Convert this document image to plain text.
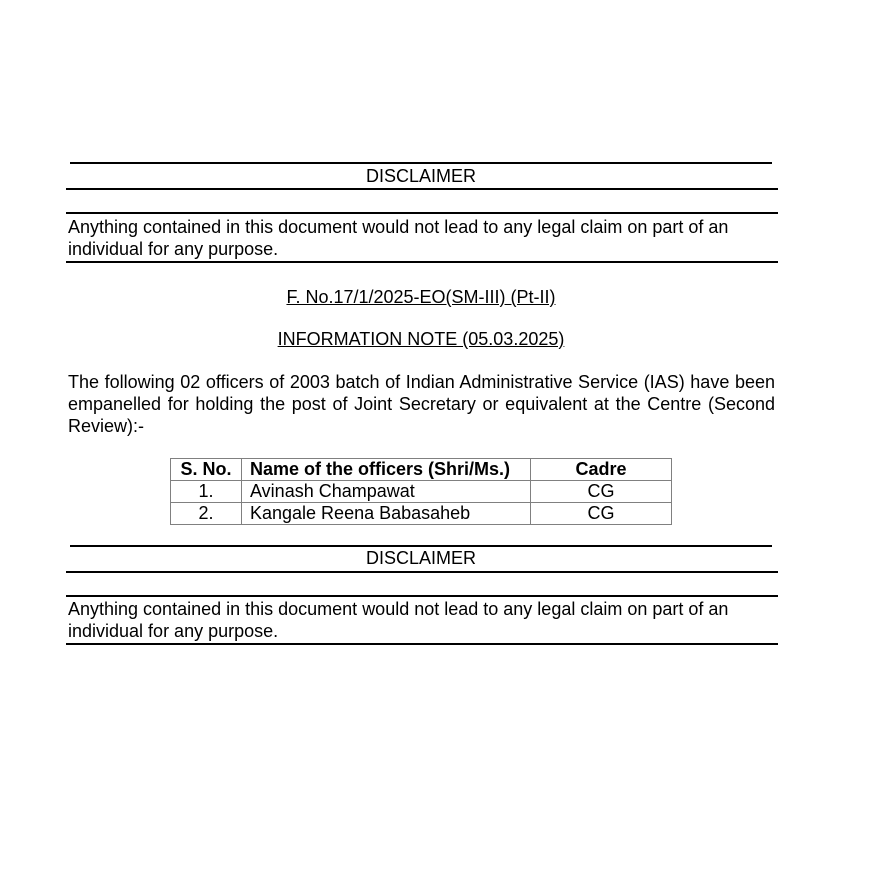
DISCLAIMER
Anything contained in this document would not lead to any legal claim on part of an
individual for any purpose.
F. No.17/1/2025-EO(SM-III) (Pt-II)
INFORMATION NOTE (05.03.2025)
The following 02 officers of 2003 batch of Indian Administrative Service (IAS) have been empanelled for holding the post of Joint Secretary or equivalent at the Centre (Second Review):-
S. No.	Name of the officers (Shri/Ms.)	Cadre
1.	Avinash Champawat	CG
2.	Kangale Reena Babasaheb	CG
DISCLAIMER
Anything contained in this document would not lead to any legal claim on part of an
individual for any purpose.
